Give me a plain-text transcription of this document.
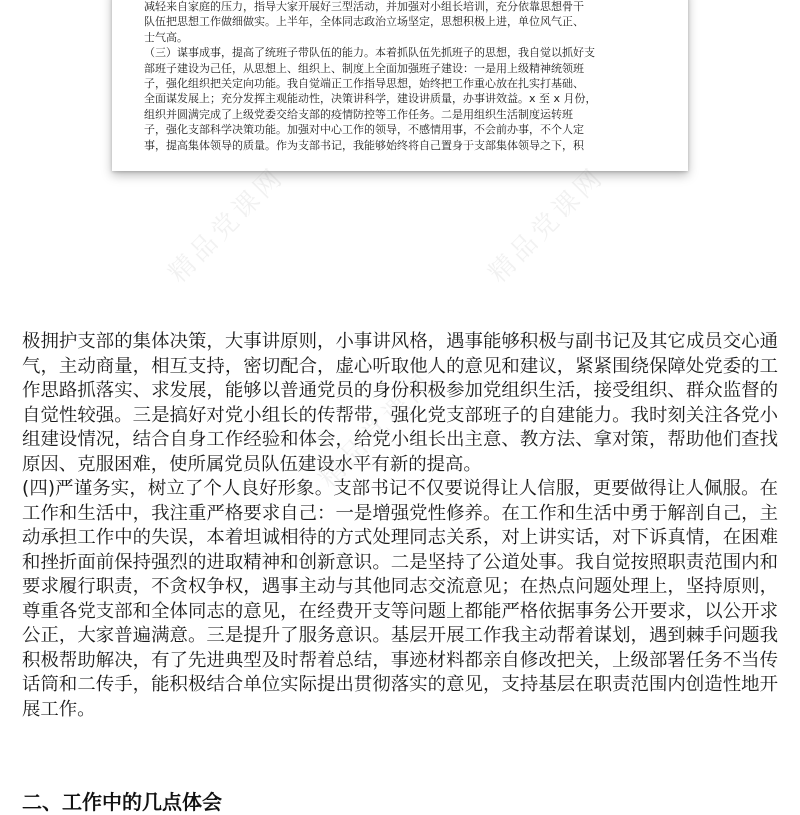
减轻来自家庭的压力，指导大家开展好三型活动，并加强对小组长培训，充分依靠思想骨干

队伍把思想工作做细做实。上半年，全体同志政治立场坚定，思想积极上进，单位风气正、

士气高。

（三）谋事成事，提高了统班子带队伍的能力。本着抓队伍先抓班子的思想，我自觉以抓好支

部班子建设为己任，从思想上、组织上、制度上全面加强班子建设：一是用上级精神统领班

子，强化组织把关定向功能。我自觉端正工作指导思想，始终把工作重心放在扎实打基础、

全面谋发展上；充分发挥主观能动性，决策讲科学，建设讲质量，办事讲效益。x 至 x 月份，

组织并圆满完成了上级党委交给支部的疫情防控等工作任务。二是用组织生活制度运转班

子，强化支部科学决策功能。加强对中心工作的领导，不感情用事，不会前办事，不个人定

事，提高集体领导的质量。作为支部书记，我能够始终将自己置身于支部集体领导之下，积

精品党课网	精品党课网
精品党课网

极拥护支部的集体决策，大事讲原则，小事讲风格，遇事能够积极与副书记及其它成员交心通气，主动商量，相互支持，密切配合，虚心听取他人的意见和建议，紧紧围绕保障处党委的工作思路抓落实、求发展，能够以普通党员的身份积极参加党组织生活，接受组织、群众监督的自觉性较强。三是搞好对党小组长的传帮带，强化党支部班子的自建能力。我时刻关注各党小组建设情况，结合自身工作经验和体会，给党小组长出主意、教方法、拿对策，帮助他们查找原因、克服困难，使所属党员队伍建设水平有新的提高。

(四)严谨务实，树立了个人良好形象。支部书记不仅要说得让人信服，更要做得让人佩服。在工作和生活中，我注重严格要求自己：一是增强党性修养。在工作和生活中勇于解剖自己，主动承担工作中的失误，本着坦诚相待的方式处理同志关系，对上讲实话，对下诉真情，在困难和挫折面前保持强烈的进取精神和创新意识。二是坚持了公道处事。我自觉按照职责范围内和要求履行职责，不贪权争权，遇事主动与其他同志交流意见；在热点问题处理上，坚持原则，尊重各党支部和全体同志的意见，在经费开支等问题上都能严格依据事务公开要求，以公开求公正，大家普遍满意。三是提升了服务意识。基层开展工作我主动帮着谋划，遇到棘手问题我积极帮助解决，有了先进典型及时帮着总结，事迹材料都亲自修改把关，上级部署任务不当传话筒和二传手，能积极结合单位实际提出贯彻落实的意见，支持基层在职责范围内创造性地开展工作。

二、工作中的几点体会
